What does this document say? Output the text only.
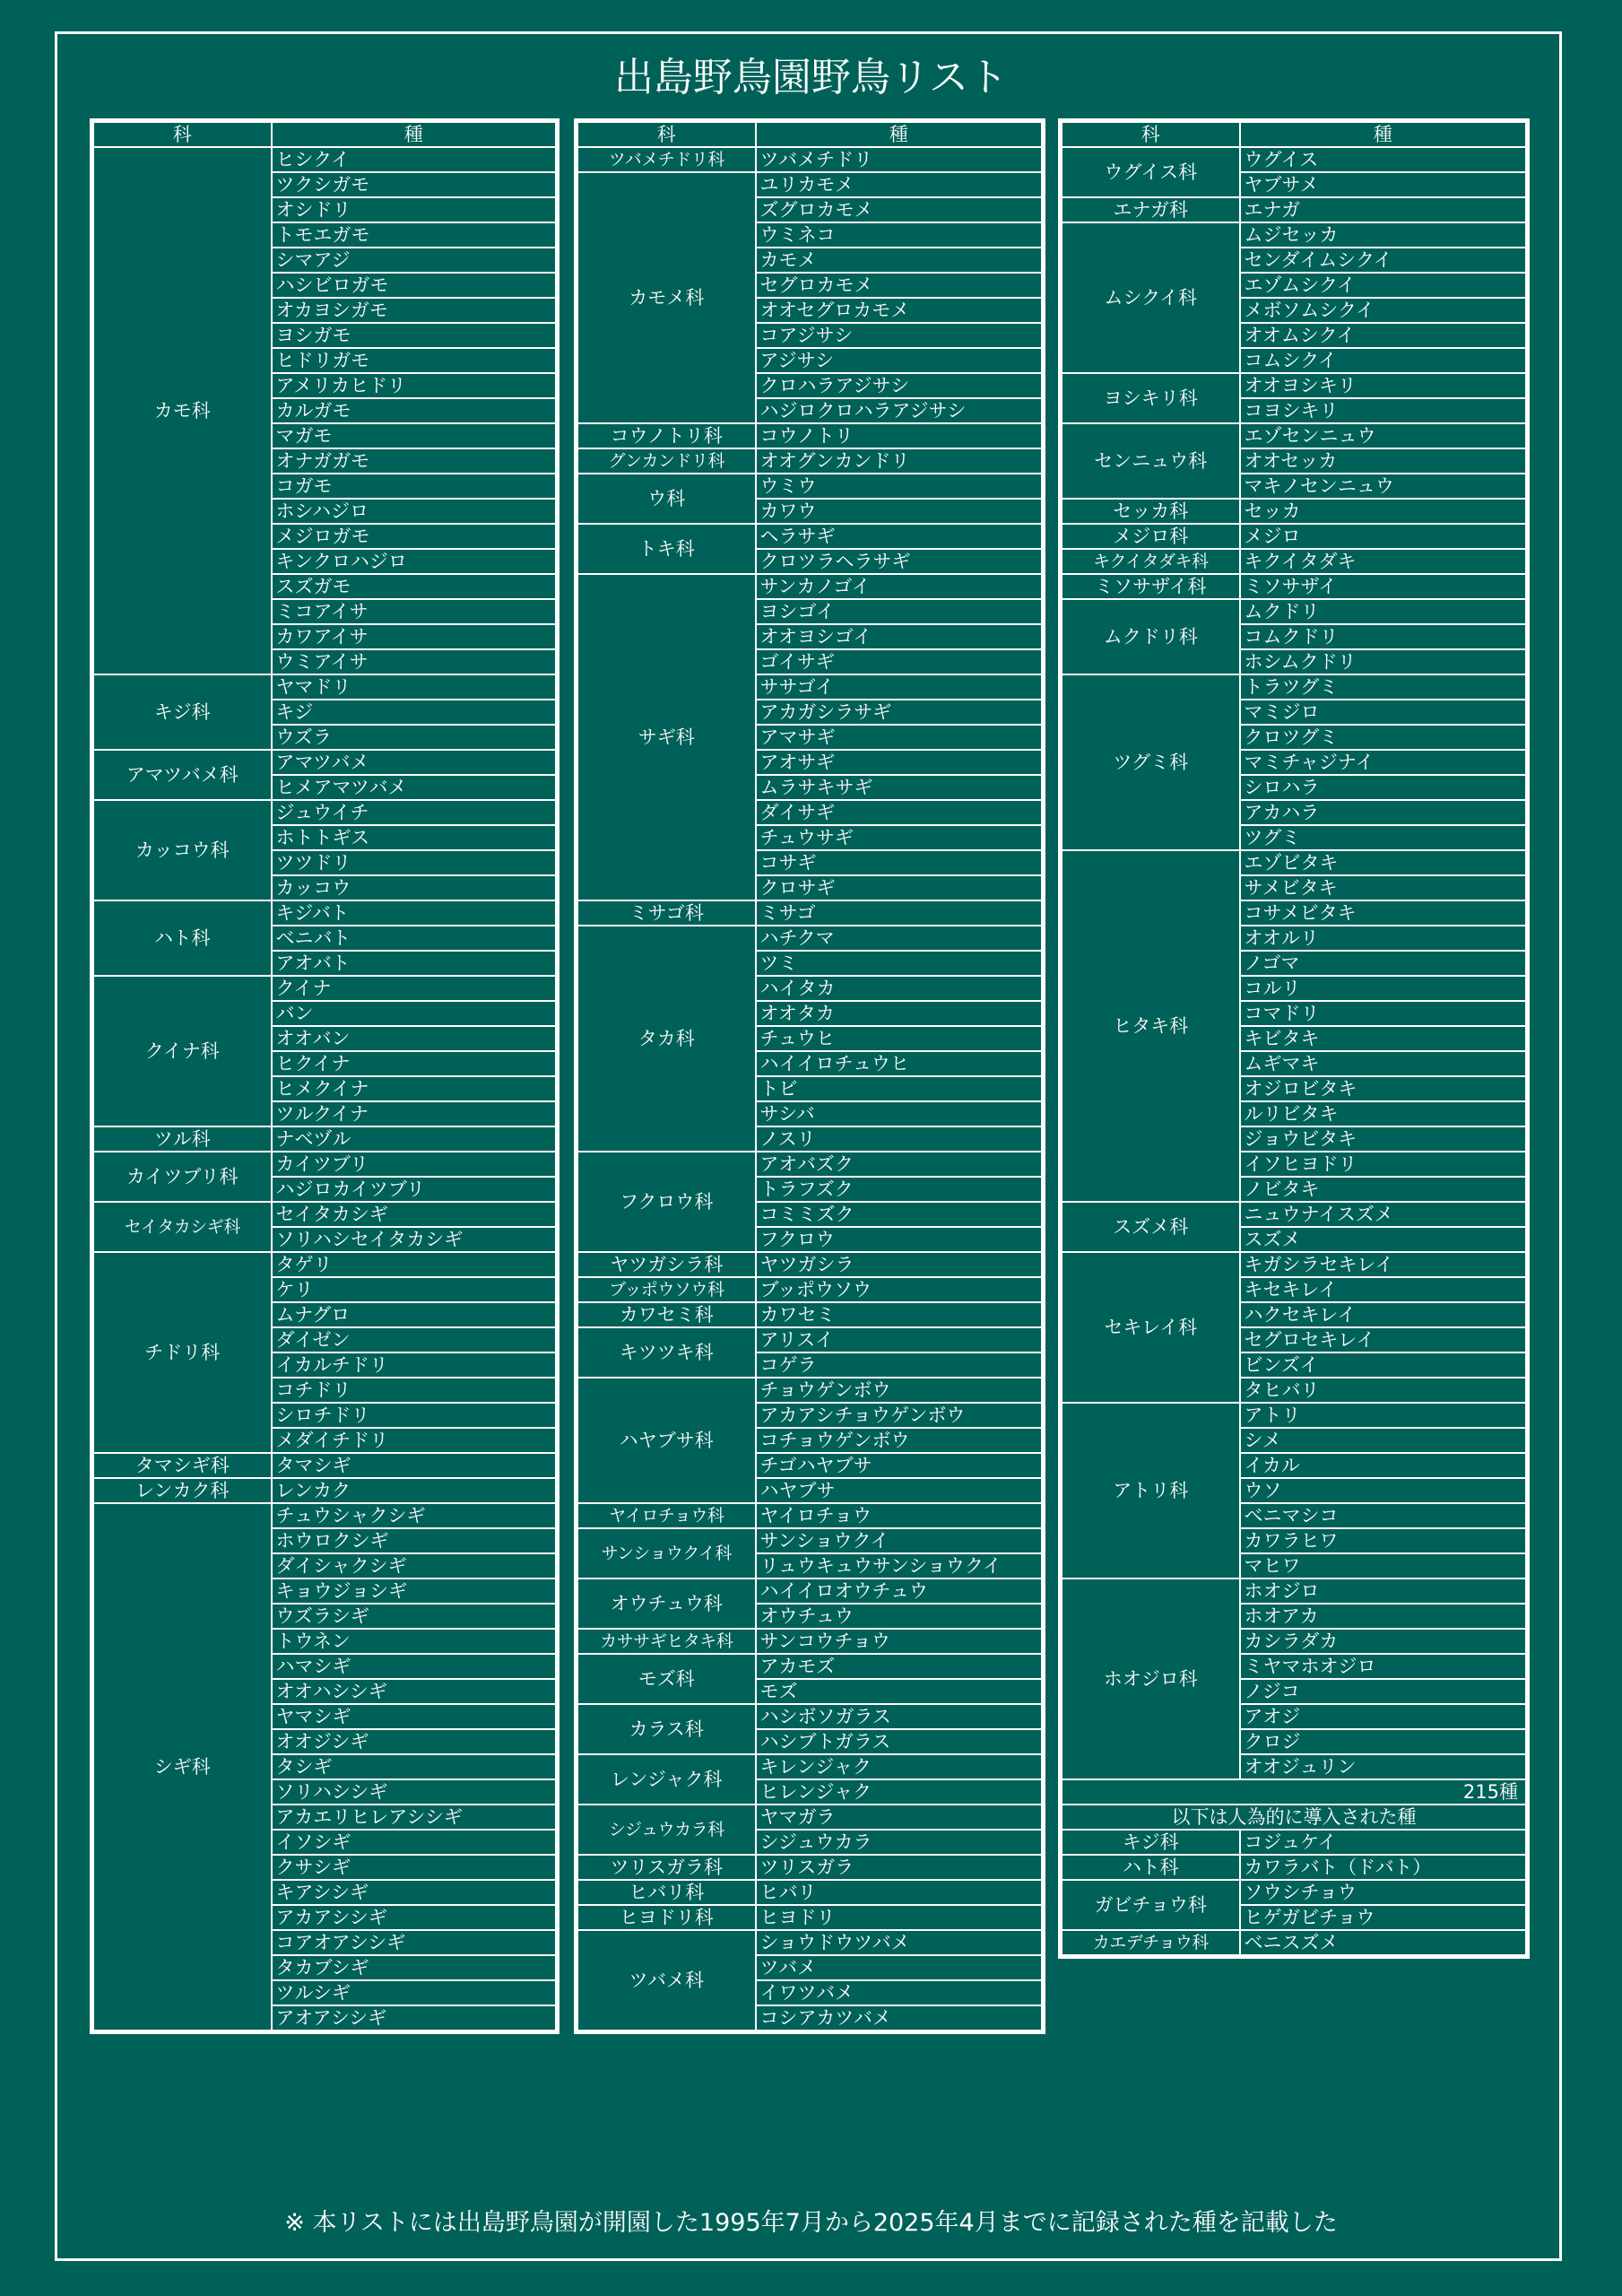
出島野鳥園野鳥リスト
科	種
カモ科	ヒシクイ
	ツクシガモ
	オシドリ
	トモエガモ
	シマアジ
	ハシビロガモ
	オカヨシガモ
	ヨシガモ
	ヒドリガモ
	アメリカヒドリ
	カルガモ
	マガモ
	オナガガモ
	コガモ
	ホシハジロ
	メジロガモ
	キンクロハジロ
	スズガモ
	ミコアイサ
	カワアイサ
	ウミアイサ
キジ科	ヤマドリ
	キジ
	ウズラ
アマツバメ科	アマツバメ
	ヒメアマツバメ
カッコウ科	ジュウイチ
	ホトトギス
	ツツドリ
	カッコウ
ハト科	キジバト
	ベニバト
	アオバト
クイナ科	クイナ
	バン
	オオバン
	ヒクイナ
	ヒメクイナ
	ツルクイナ
ツル科	ナベヅル
カイツブリ科	カイツブリ
	ハジロカイツブリ
セイタカシギ科	セイタカシギ
	ソリハシセイタカシギ
チドリ科	タゲリ
	ケリ
	ムナグロ
	ダイゼン
	イカルチドリ
	コチドリ
	シロチドリ
	メダイチドリ
タマシギ科	タマシギ
レンカク科	レンカク
シギ科	チュウシャクシギ
	ホウロクシギ
	ダイシャクシギ
	キョウジョシギ
	ウズラシギ
	トウネン
	ハマシギ
	オオハシシギ
	ヤマシギ
	オオジシギ
	タシギ
	ソリハシシギ
	アカエリヒレアシシギ
	イソシギ
	クサシギ
	キアシシギ
	アカアシシギ
	コアオアシシギ
	タカブシギ
	ツルシギ
	アオアシシギ
科	種
ツバメチドリ科	ツバメチドリ
カモメ科	ユリカモメ
	ズグロカモメ
	ウミネコ
	カモメ
	セグロカモメ
	オオセグロカモメ
	コアジサシ
	アジサシ
	クロハラアジサシ
	ハジロクロハラアジサシ
コウノトリ科	コウノトリ
グンカンドリ科	オオグンカンドリ
ウ科	ウミウ
	カワウ
トキ科	ヘラサギ
	クロツラヘラサギ
サギ科	サンカノゴイ
	ヨシゴイ
	オオヨシゴイ
	ゴイサギ
	ササゴイ
	アカガシラサギ
	アマサギ
	アオサギ
	ムラサキサギ
	ダイサギ
	チュウサギ
	コサギ
	クロサギ
ミサゴ科	ミサゴ
タカ科	ハチクマ
	ツミ
	ハイタカ
	オオタカ
	チュウヒ
	ハイイロチュウヒ
	トビ
	サシバ
	ノスリ
フクロウ科	アオバズク
	トラフズク
	コミミズク
	フクロウ
ヤツガシラ科	ヤツガシラ
ブッポウソウ科	ブッポウソウ
カワセミ科	カワセミ
キツツキ科	アリスイ
	コゲラ
ハヤブサ科	チョウゲンボウ
	アカアシチョウゲンボウ
	コチョウゲンボウ
	チゴハヤブサ
	ハヤブサ
ヤイロチョウ科	ヤイロチョウ
サンショウクイ科	サンショウクイ
	リュウキュウサンショウクイ
オウチュウ科	ハイイロオウチュウ
	オウチュウ
カササギヒタキ科	サンコウチョウ
モズ科	アカモズ
	モズ
カラス科	ハシボソガラス
	ハシブトガラス
レンジャク科	キレンジャク
	ヒレンジャク
シジュウカラ科	ヤマガラ
	シジュウカラ
ツリスガラ科	ツリスガラ
ヒバリ科	ヒバリ
ヒヨドリ科	ヒヨドリ
ツバメ科	ショウドウツバメ
	ツバメ
	イワツバメ
	コシアカツバメ
科	種
ウグイス科	ウグイス
	ヤブサメ
エナガ科	エナガ
ムシクイ科	ムジセッカ
	センダイムシクイ
	エゾムシクイ
	メボソムシクイ
	オオムシクイ
	コムシクイ
ヨシキリ科	オオヨシキリ
	コヨシキリ
センニュウ科	エゾセンニュウ
	オオセッカ
	マキノセンニュウ
セッカ科	セッカ
メジロ科	メジロ
キクイタダキ科	キクイタダキ
ミソサザイ科	ミソサザイ
ムクドリ科	ムクドリ
	コムクドリ
	ホシムクドリ
ツグミ科	トラツグミ
	マミジロ
	クロツグミ
	マミチャジナイ
	シロハラ
	アカハラ
	ツグミ
ヒタキ科	エゾビタキ
	サメビタキ
	コサメビタキ
	オオルリ
	ノゴマ
	コルリ
	コマドリ
	キビタキ
	ムギマキ
	オジロビタキ
	ルリビタキ
	ジョウビタキ
	イソヒヨドリ
	ノビタキ
スズメ科	ニュウナイスズメ
	スズメ
セキレイ科	キガシラセキレイ
	キセキレイ
	ハクセキレイ
	セグロセキレイ
	ビンズイ
	タヒバリ
アトリ科	アトリ
	シメ
	イカル
	ウソ
	ベニマシコ
	カワラヒワ
	マヒワ
ホオジロ科	ホオジロ
	ホオアカ
	カシラダカ
	ミヤマホオジロ
	ノジコ
	アオジ
	クロジ
	オオジュリン
215種	
以下は人為的に導入された種	
キジ科	コジュケイ
ハト科	カワラバト（ドバト）
ガビチョウ科	ソウシチョウ
	ヒゲガビチョウ
カエデチョウ科	ベニスズメ
※ 本リストには出島野鳥園が開園した1995年7月から2025年4月までに記録された種を記載した
